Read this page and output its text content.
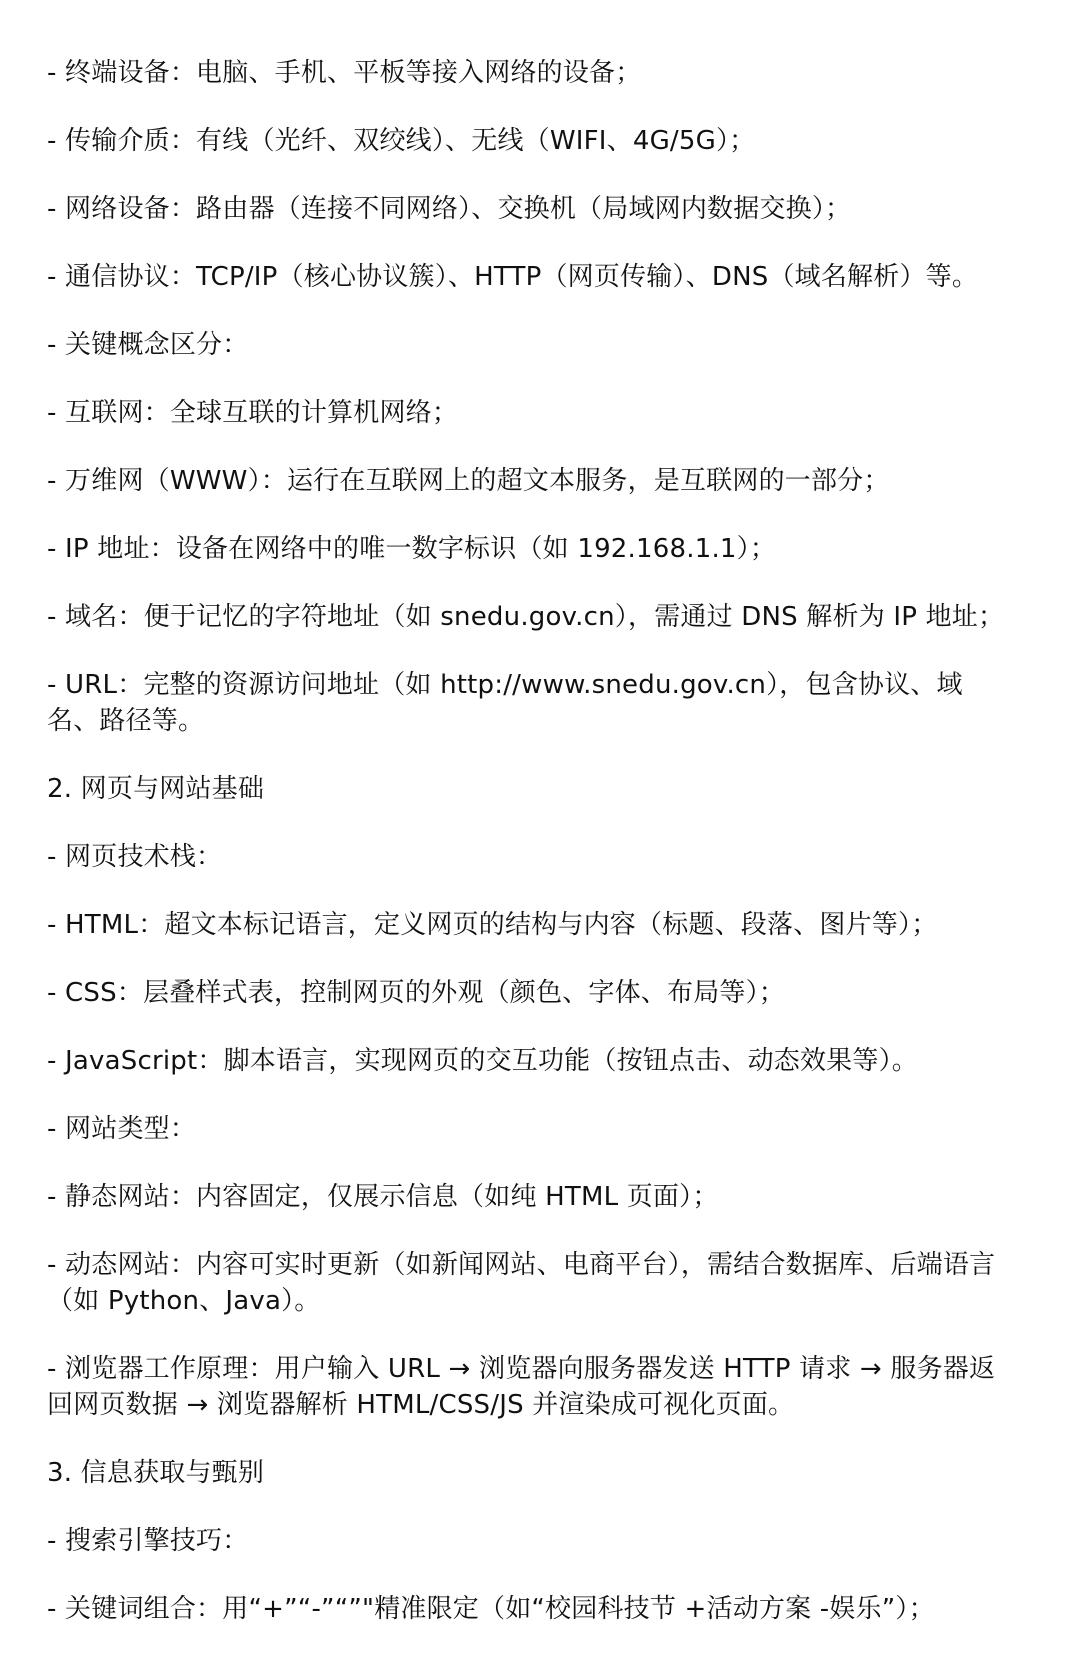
- 终端设备：电脑、手机、平板等接入网络的设备；

- 传输介质：有线（光纤、双绞线）、无线（WIFI、4G/5G）；

- 网络设备：路由器（连接不同网络）、交换机（局域网内数据交换）；

- 通信协议：TCP/IP（核心协议簇）、HTTP（网页传输）、DNS（域名解析）等。

- 关键概念区分：

- 互联网：全球互联的计算机网络；

- 万维网（WWW）：运行在互联网上的超文本服务，是互联网的一部分；

- IP 地址：设备在网络中的唯一数字标识（如 192.168.1.1）；

- 域名：便于记忆的字符地址（如 snedu.gov.cn），需通过 DNS 解析为 IP 地址；

- URL：完整的资源访问地址（如 http://www.snedu.gov.cn），包含协议、域名、路径等。

2. 网页与网站基础

- 网页技术栈：

- HTML：超文本标记语言，定义网页的结构与内容（标题、段落、图片等）；

- CSS：层叠样式表，控制网页的外观（颜色、字体、布局等）；

- JavaScript：脚本语言，实现网页的交互功能（按钮点击、动态效果等）。

- 网站类型：

- 静态网站：内容固定，仅展示信息（如纯 HTML 页面）；

- 动态网站：内容可实时更新（如新闻网站、电商平台），需结合数据库、后端语言（如 Python、Java）。

- 浏览器工作原理：用户输入 URL → 浏览器向服务器发送 HTTP 请求 → 服务器返回网页数据 → 浏览器解析 HTML/CSS/JS 并渲染成可视化页面。

3. 信息获取与甄别

- 搜索引擎技巧：

- 关键词组合：用“+”“-”“”"精准限定（如“校园科技节 +活动方案 -娱乐”）；
